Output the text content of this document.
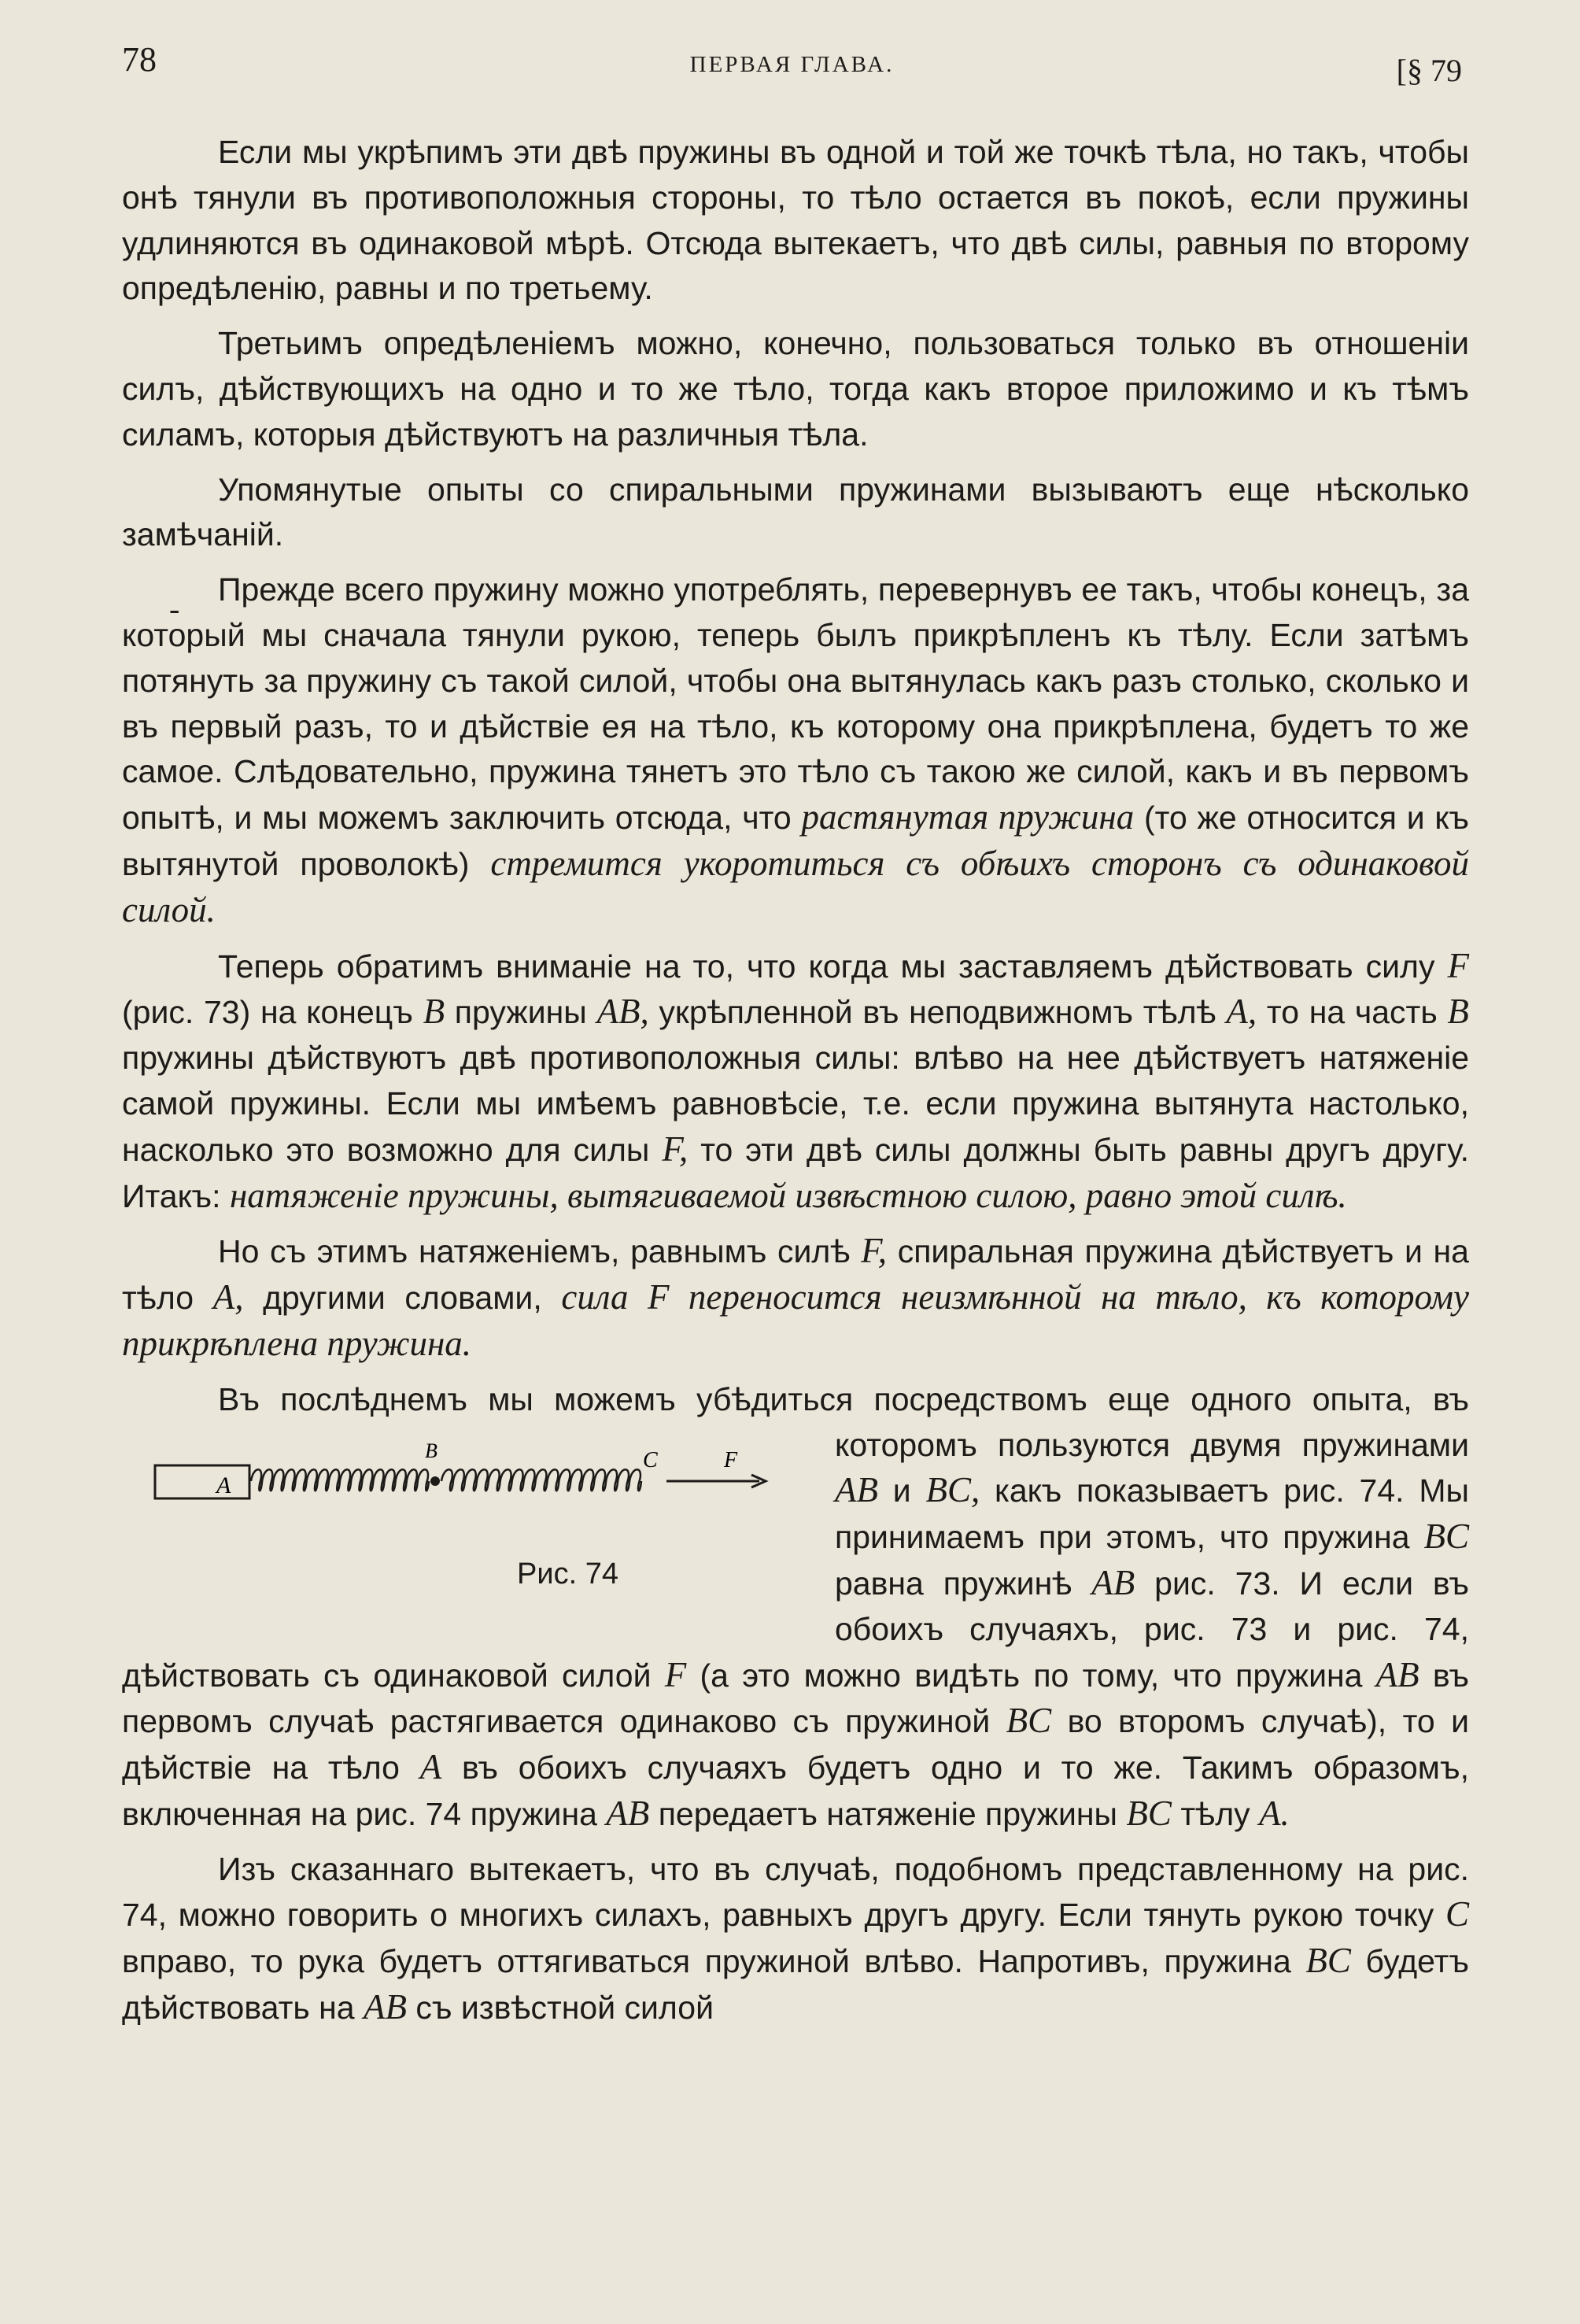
78	ПЕРВАЯ ГЛАВА.	[§ 79
-

Если мы укрѣпимъ эти двѣ пружины въ одной и той же точкѣ тѣла, но такъ, чтобы онѣ тянули въ противоположныя стороны, то тѣло остается въ покоѣ, если пружины удлиняются въ одинаковой мѣрѣ. Отсюда вытекаетъ, что двѣ силы, равныя по второму опредѣленію, равны и по третьему.

Третьимъ опредѣленіемъ можно, конечно, пользоваться только въ отношеніи силъ, дѣйствующихъ на одно и то же тѣло, тогда какъ второе приложимо и къ тѣмъ силамъ, которыя дѣйствуютъ на различныя тѣла.

Упомянутые опыты со спиральными пружинами вызываютъ еще нѣсколько замѣчаній.

Прежде всего пружину можно употреблять, перевернувъ ее такъ, чтобы конецъ, за который мы сначала тянули рукою, теперь былъ прикрѣпленъ къ тѣлу. Если затѣмъ потянуть за пружину съ такой силой, чтобы она вытянулась какъ разъ столько, сколько и въ первый разъ, то и дѣйствіе ея на тѣло, къ которому она прикрѣплена, будетъ то же самое. Слѣдовательно, пружина тянетъ это тѣло съ такою же силой, какъ и въ первомъ опытѣ, и мы можемъ заключить отсюда, что растянутая пружина (то же относится и къ вытянутой проволокѣ) стремится укоротиться съ обѣихъ сторонъ съ одинаковой силой.

Теперь обратимъ вниманіе на то, что когда мы заставляемъ дѣйствовать силу F (рис. 73) на конецъ B пружины AB, укрѣпленной въ неподвижномъ тѣлѣ A, то на часть B пружины дѣйствуютъ двѣ противоположныя силы: влѣво на нее дѣйствуетъ натяженіе самой пружины. Если мы имѣемъ равновѣсіе, т.е. если пружина вытянута настолько, насколько это возможно для силы F, то эти двѣ силы должны быть равны другъ другу. Итакъ: натяженіе пружины, вытягиваемой извѣстною силою, равно этой силѣ.

Но съ этимъ натяженіемъ, равнымъ силѣ F, спиральная пружина дѣйствуетъ и на тѣло A, другими словами, сила F переносится неизмѣнной на тѣло, къ которому прикрѣплена пружина.

Въ послѣднемъ мы можемъ убѣдиться посредствомъ еще одного опыта, въ которомъ пользуются двумя пружинами
A
B	C	F
Рис. 74
AB и BC, какъ показываетъ рис. 74. Мы принимаемъ при этомъ, что пружина BC равна пружинѣ AB рис. 73. И если въ обоихъ случаяхъ, рис. 73 и рис. 74, дѣйствовать съ одинаковой силой F (а это можно видѣть по тому, что пружина AB въ первомъ случаѣ растягивается одинаково съ пружиной BC во второмъ случаѣ), то и дѣйствіе на тѣло A въ обоихъ случаяхъ будетъ одно и то же. Такимъ образомъ, включенная на рис. 74 пружина AB передаетъ натяженіе пружины BC тѣлу A.

Изъ сказаннаго вытекаетъ, что въ случаѣ, подобномъ представленному на рис. 74, можно говорить о многихъ силахъ, равныхъ другъ другу. Если тянуть рукою точку C вправо, то рука будетъ оттягиваться пружиной влѣво. Напротивъ, пружина BC будетъ дѣйствовать на AB съ извѣстной силой
